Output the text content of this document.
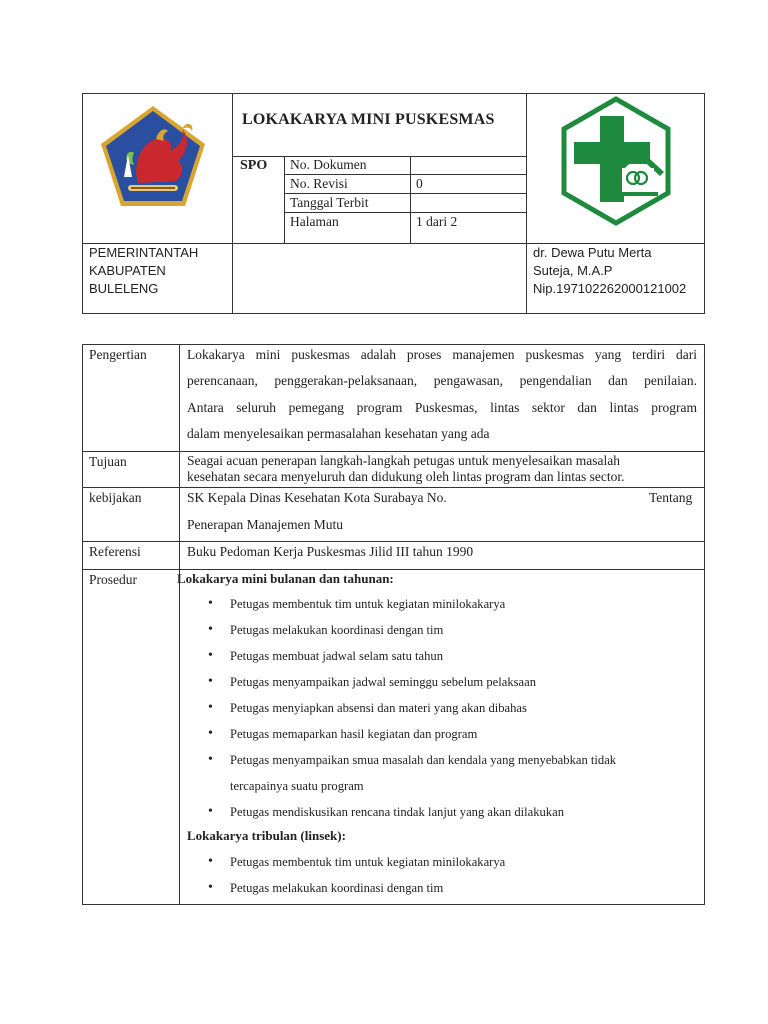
LOKAKARYA MINI PUSKESMAS
SPO No. Dokumen
No. Revisi	0
Tanggal Terbit
Halaman	1 dari 2
PEMERINTANTAH
KABUPATEN
BULELENG
dr. Dewa Putu Merta
Suteja, M.A.P
Nip.197102262000121002
Pengertian	Lokakarya mini puskesmas adalah proses manajemen puskesmas yang terdiri dari
perencanaan, penggerakan-pelaksanaan, pengawasan, pengendalian dan penilaian.
Antara seluruh pemegang program Puskesmas, lintas sektor dan lintas program
dalam menyelesaikan permasalahan kesehatan yang ada
Tujuan	Seagai acuan penerapan langkah-langkah petugas untuk menyelesaikan masalah
kesehatan secara menyeluruh dan didukung oleh lintas program dan lintas sector.
kebijakan	SK Kepala Dinas Kesehatan Kota Surabaya No.	Tentang
Penerapan Manajemen Mutu
Referensi	Buku Pedoman Kerja Puskesmas Jilid III tahun 1990
Prosedur	Lokakarya mini bulanan dan tahunan:
• Petugas membentuk tim untuk kegiatan minilokakarya
• Petugas melakukan koordinasi dengan tim
• Petugas membuat jadwal selam satu tahun
• Petugas menyampaikan jadwal seminggu sebelum pelaksaan
• Petugas menyiapkan absensi dan materi yang akan dibahas
• Petugas memaparkan hasil kegiatan dan program
• Petugas menyampaikan smua masalah dan kendala yang menyebabkan tidak
tercapainya suatu program
• Petugas mendiskusikan rencana tindak lanjut yang akan dilakukan
Lokakarya tribulan (linsek):
• Petugas membentuk tim untuk kegiatan minilokakarya
• Petugas melakukan koordinasi dengan tim
